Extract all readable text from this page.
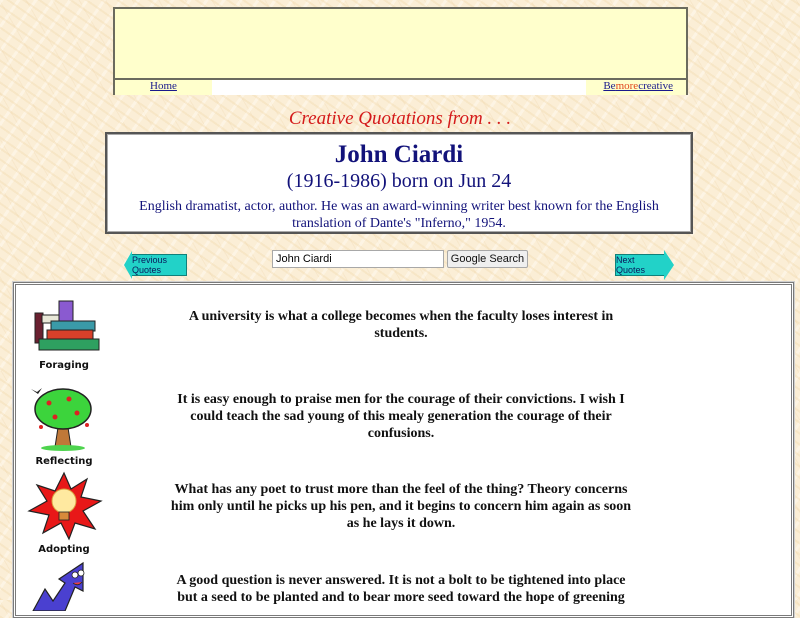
Home	Bemorecreative
Creative Quotations from . . .
John Ciardi
(1916-1986) born on Jun 24
English dramatist, actor, author. He was an award-winning writer best known for the English translation of Dante's "Inferno," 1954.
Previous Quotes
John Ciardi
Google Search	Next Quotes
Foraging
Reflecting
Adopting
A university is what a college becomes when the faculty loses interest in students.
It is easy enough to praise men for the courage of their convictions. I wish I could teach the sad young of this mealy generation the courage of their confusions.
What has any poet to trust more than the feel of the thing? Theory concerns him only until he picks up his pen, and it begins to concern him again as soon as he lays it down.
A good question is never answered. It is not a bolt to be tightened into place but a seed to be planted and to bear more seed toward the hope of greening
